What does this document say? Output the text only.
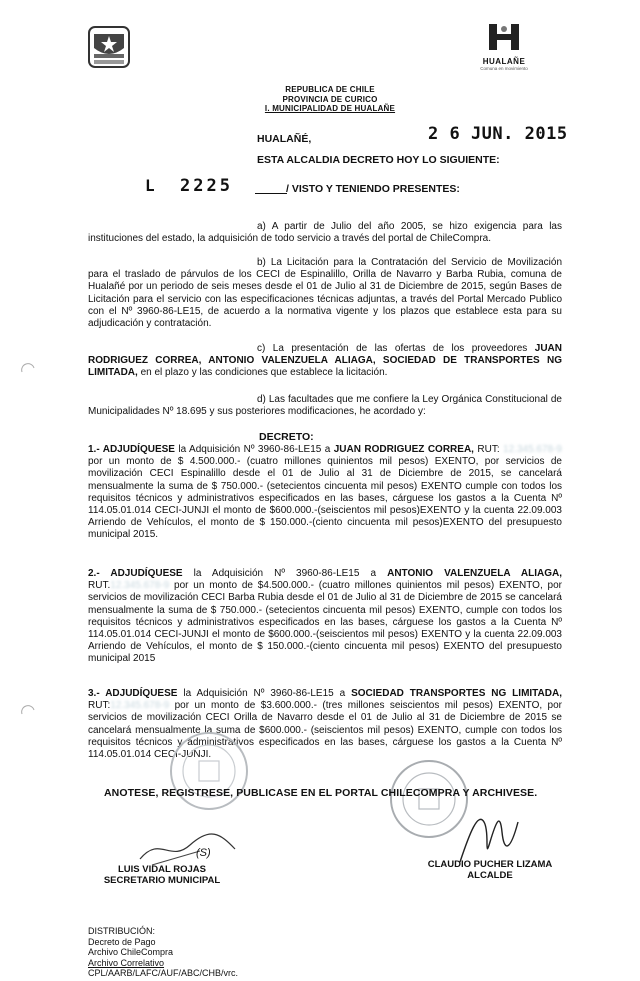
HUALAÑE
Comuna en movimiento
REPUBLICA DE CHILE
PROVINCIA DE CURICO
I. MUNICIPALIDAD DE HUALAÑE
HUALAÑÉ,	2 6 JUN. 2015
ESTA ALCALDIA DECRETO HOY LO SIGUIENTE:
L 2225	/ VISTO Y TENIENDO PRESENTES:
a) A partir de Julio del año 2005, se hizo exigencia para las instituciones del estado, la adquisición de todo servicio a través del portal de ChileCompra.
b) La Licitación para la Contratación del Servicio de Movilización para el traslado de párvulos de los CECI de Espinalillo, Orilla de Navarro y Barba Rubia, comuna de Hualañé por un periodo de seis meses desde el 01 de Julio al 31 de Diciembre de 2015, según Bases de Licitación para el servicio con las especificaciones técnicas adjuntas, a través del Portal Mercado Publico con el Nº 3960-86-LE15, de acuerdo a la normativa vigente y los plazos que establece esta para su adjudicación y contratación.
c) La presentación de las ofertas de los proveedores JUAN RODRIGUEZ CORREA, ANTONIO VALENZUELA ALIAGA, SOCIEDAD DE TRANSPORTES NG LIMITADA, en el plazo y las condiciones que establece la licitación.
d) Las facultades que me confiere la Ley Orgánica Constitucional de Municipalidades Nº 18.695 y sus posteriores modificaciones, he acordado y:
DECRETO:
1.- ADJUDÍQUESE la Adquisición Nº 3960-86-LE15 a JUAN RODRIGUEZ CORREA, RUT: 12.345.678-9 por un monto de $ 4.500.000.- (cuatro millones quinientos mil pesos) EXENTO, por servicios de movilización CECI Espinalillo desde el 01 de Julio al 31 de Diciembre de 2015, se cancelará mensualmente la suma de $ 750.000.- (setecientos cincuenta mil pesos) EXENTO cumple con todos los requisitos técnicos y administrativos especificados en las bases, cárguese los gastos a la Cuenta Nº 114.05.01.014 CECI-JUNJI el monto de $600.000.-(seiscientos mil pesos)EXENTO y la cuenta 22.09.003 Arriendo de Vehículos, el monto de $ 150.000.-(ciento cincuenta mil pesos)EXENTO del presupuesto municipal 2015.
2.- ADJUDÍQUESE la Adquisición Nº 3960-86-LE15 a ANTONIO VALENZUELA ALIAGA, RUT.12.345.678-9 por un monto de $4.500.000.- (cuatro millones quinientos mil pesos) EXENTO, por servicios de movilización CECI Barba Rubia desde el 01 de Julio al 31 de Diciembre de 2015 se cancelará mensualmente la suma de $ 750.000.- (setecientos cincuenta mil pesos) EXENTO, cumple con todos los requisitos técnicos y administrativos especificados en las bases, cárguese los gastos a la Cuenta Nº 114.05.01.014 CECI-JUNJI el monto de $600.000.-(seiscientos mil pesos) EXENTO y la cuenta 22.09.003 Arriendo de Vehículos, el monto de $ 150.000.-(ciento cincuenta mil pesos) EXENTO del presupuesto municipal 2015
3.- ADJUDÍQUESE la Adquisición Nº 3960-86-LE15 a SOCIEDAD TRANSPORTES NG LIMITADA, RUT:12.345.678-9 por un monto de $3.600.000.- (tres millones seiscientos mil pesos) EXENTO, por servicios de movilización CECI Orilla de Navarro desde el 01 de Julio al 31 de Diciembre de 2015 se cancelará mensualmente la suma de $600.000.- (seiscientos mil pesos) EXENTO, cumple con todos los requisitos técnicos y administrativos especificados en las bases, cárguese los gastos a la Cuenta Nº 114.05.01.014 CECI-JUNJI.
ANOTESE, REGISTRESE, PUBLICASE EN EL PORTAL CHILECOMPRA Y ARCHIVESE.
(S)
LUIS VIDAL ROJAS
SECRETARIO MUNICIPAL
CLAUDIO PUCHER LIZAMA
ALCALDE
DISTRIBUCIÓN:
Decreto de Pago
Archivo ChileCompra
Archivo Correlativo
CPL/AARB/LAFC/AUF/ABC/CHB/vrc.
